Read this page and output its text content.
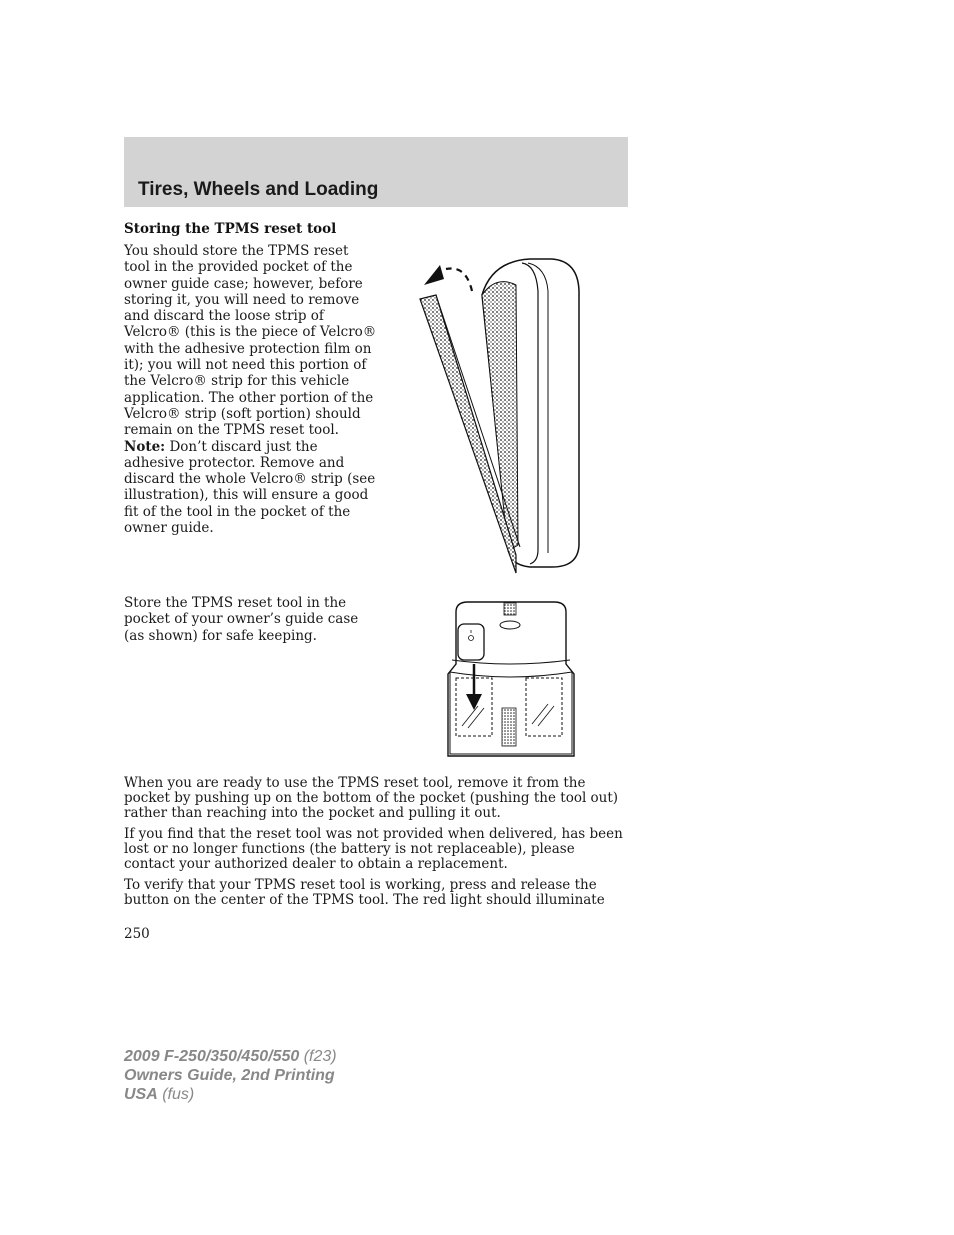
Tires, Wheels and Loading
Storing the TPMS reset tool

You should store the TPMS reset

tool in the provided pocket of the

owner guide case; however, before

storing it, you will need to remove

and discard the loose strip of

Velcro® (this is the piece of Velcro®

with the adhesive protection film on

it); you will not need this portion of

the Velcro® strip for this vehicle

application. The other portion of the

Velcro® strip (soft portion) should

remain on the TPMS reset tool.

Note: Don’t discard just the

adhesive protector. Remove and

discard the whole Velcro® strip (see

illustration), this will ensure a good

fit of the tool in the pocket of the

owner guide.

Store the TPMS reset tool in the

pocket of your owner’s guide case

(as shown) for safe keeping.

When you are ready to use the TPMS reset tool, remove it from the pocket by pushing up on the bottom of the pocket (pushing the tool out) rather than reaching into the pocket and pulling it out.

If you find that the reset tool was not provided when delivered, has been lost or no longer functions (the battery is not replaceable), please contact your authorized dealer to obtain a replacement.

To verify that your TPMS reset tool is working, press and release the button on the center of the TPMS tool. The red light should illuminate

250

2009 F-250/350/450/550 (f23)
Owners Guide, 2nd Printing
USA (fus)
